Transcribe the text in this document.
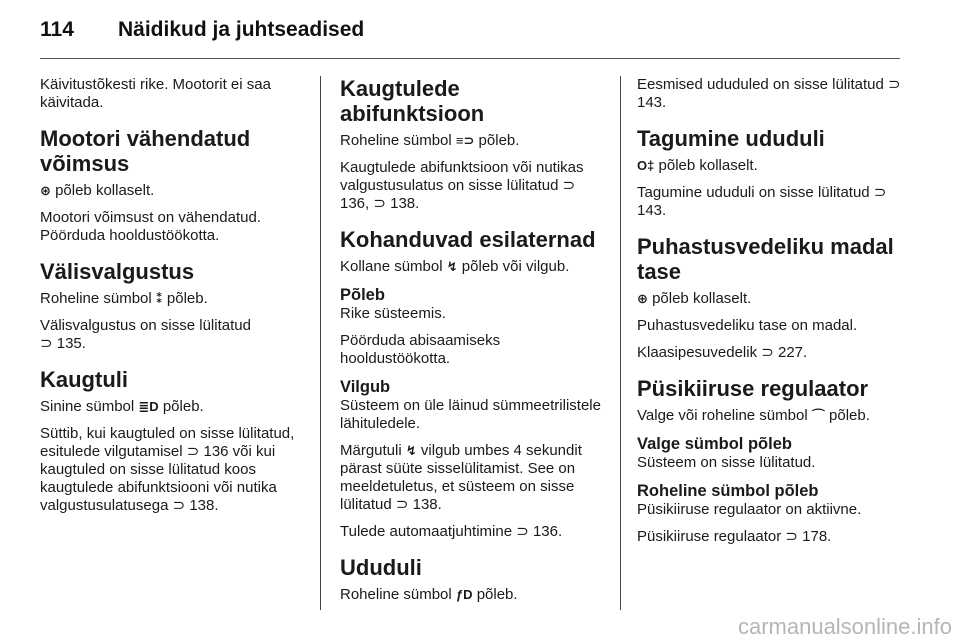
114 Näidikud ja juhtseadised

Käivitustõkesti rike. Mootorit ei saa käivitada.

Mootori vähendatud võimsus

⊛ põleb kollaselt.

Mootori võimsust on vähendatud. Pöörduda hooldustöökotta.

Välisvalgustus

Roheline sümbol ⁑ põleb.

Välisvalgustus on sisse lülitatud
⊃ 135.

Kaugtuli

Sinine sümbol ≣D põleb.

Süttib, kui kaugtuled on sisse lülitatud, esitulede vilgutamisel ⊃ 136 või kui kaugtuled on sisse lülitatud koos kaugtulede abifunktsiooni või nutika valgustusulatusega ⊃ 138.

Kaugtulede abifunktsioon

Roheline sümbol ≡⊃ põleb.

Kaugtulede abifunktsioon või nutikas valgustusulatus on sisse lülitatud ⊃ 136, ⊃ 138.

Kohanduvad esilaternad

Kollane sümbol ↯ põleb või vilgub.

Põleb

Rike süsteemis.

Pöörduda abisaamiseks hooldustöökotta.

Vilgub

Süsteem on üle läinud sümmeetrilistele lähituledele.

Märgutuli ↯ vilgub umbes 4 sekundit pärast süüte sisselülitamist. See on meeldetuletus, et süsteem on sisse lülitatud ⊃ 138.

Tulede automaatjuhtimine ⊃ 136.

Ududuli

Roheline sümbol ƒD põleb.

Eesmised ududuled on sisse lülitatud ⊃ 143.

Tagumine ududuli

O‡ põleb kollaselt.

Tagumine ududuli on sisse lülitatud ⊃ 143.

Puhastusvedeliku madal tase

⊕ põleb kollaselt.

Puhastusvedeliku tase on madal.

Klaasipesuvedelik ⊃ 227.

Püsikiiruse regulaator

Valge või roheline sümbol ⌒ põleb.

Valge sümbol põleb

Süsteem on sisse lülitatud.

Roheline sümbol põleb

Püsikiiruse regulaator on aktiivne.

Püsikiiruse regulaator ⊃ 178.

carmanualsonline.info
